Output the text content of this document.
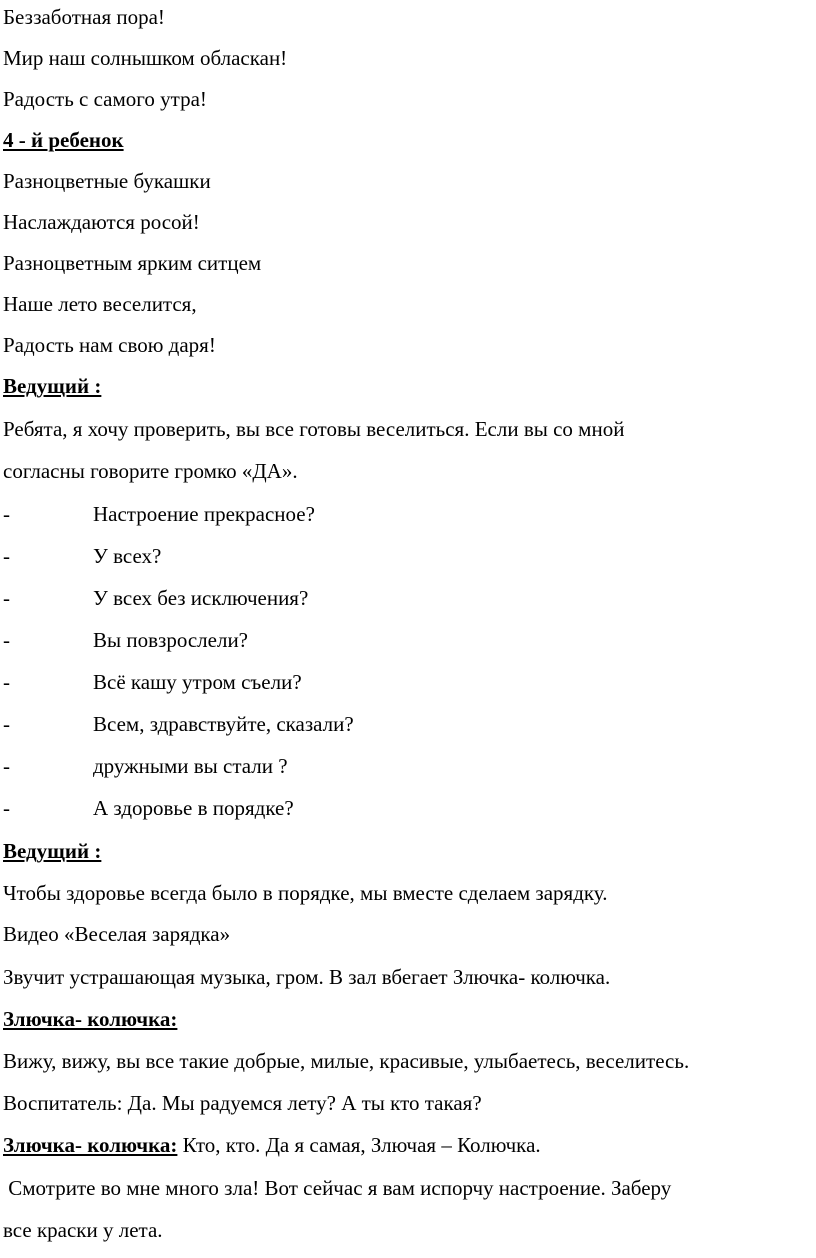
Беззаботная пора!
Мир наш солнышком обласкан!
Радость с самого утра!
4 - й ребенок
Разноцветные букашки
Наслаждаются росой!
Разноцветным ярким ситцем
Наше лето веселится,
Радость нам свою даря!
Ведущий :
Ребята, я хочу проверить, вы все готовы веселиться. Если вы со мной
согласны говорите громко «ДА».
-	Настроение прекрасное?
-	У всех?
-	У всех без исключения?
-	Вы повзрослели?
-	Всё кашу утром съели?
-	Всем, здравствуйте, сказали?
-	дружными вы стали ?
-	А здоровье в порядке?
Ведущий :
Чтобы здоровье всегда было в порядке, мы вместе сделаем зарядку.
Видео «Веселая зарядка»
Звучит устрашающая музыка, гром. В зал вбегает Злючка- колючка.
Злючка- колючка:
Вижу, вижу, вы все такие добрые, милые, красивые, улыбаетесь, веселитесь.
Воспитатель: Да. Мы радуемся лету? А ты кто такая?
Злючка- колючка: Кто, кто. Да я самая, Злючая – Колючка.
Смотрите во мне много зла! Вот сейчас я вам испорчу настроение. Заберу
все краски у лета.
